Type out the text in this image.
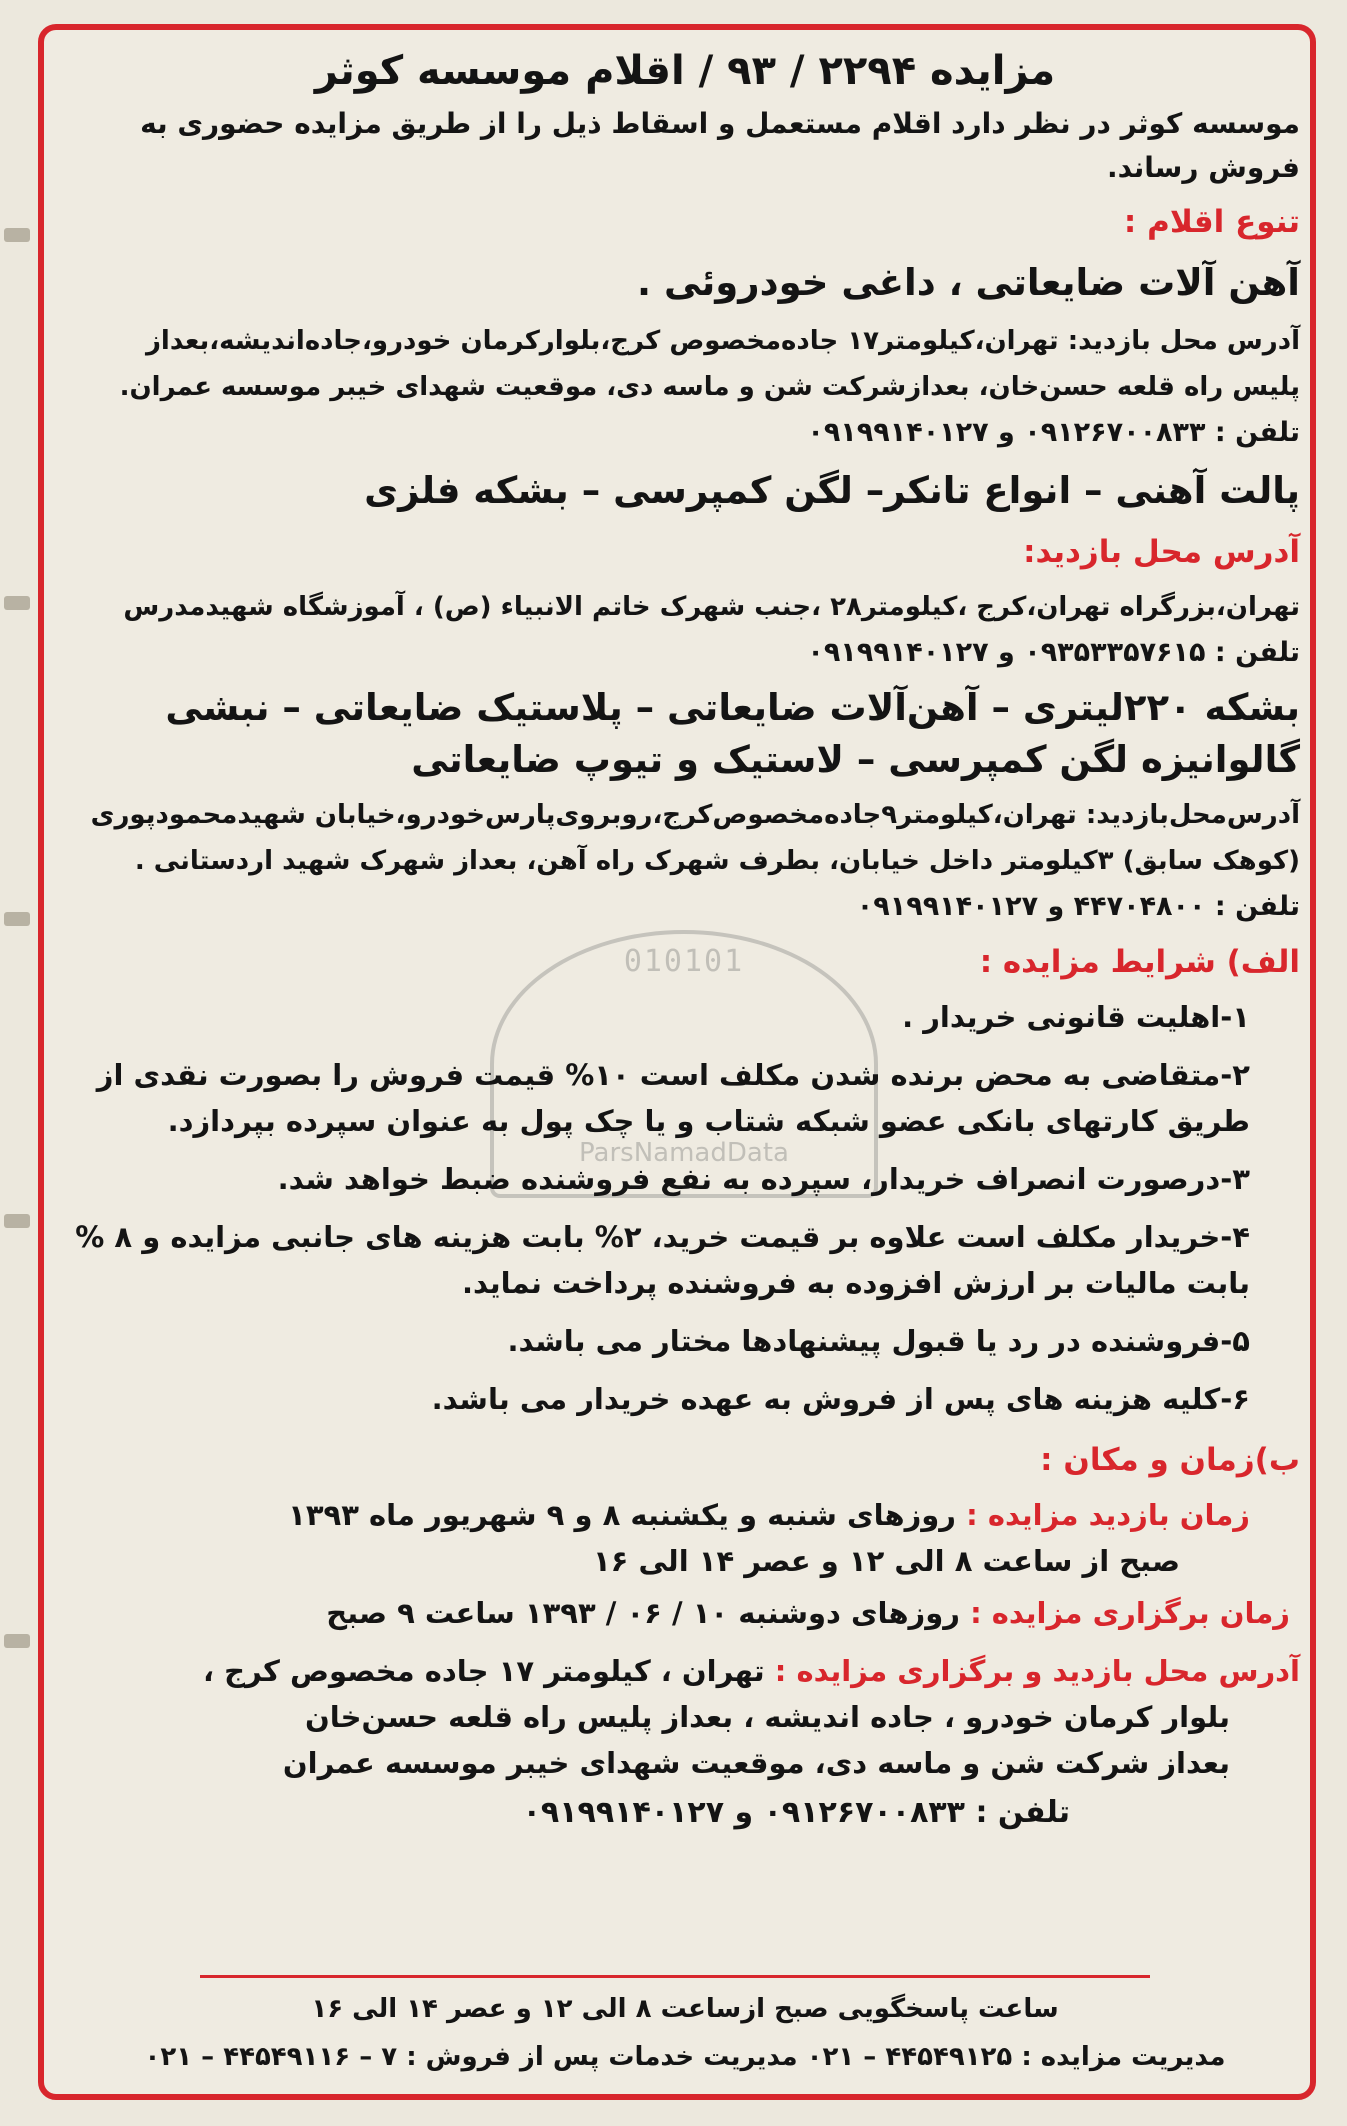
010101
ParsNamadData
مزایده ۲۲۹۴ / ۹۳ / اقلام موسسه کوثر

موسسه کوثر در نظر دارد اقلام مستعمل و اسقاط ذیل را از طریق مزایده حضوری به فروش رساند.

تنوع اقلام :
آهن آلات ضایعاتی ، داغی خودروئی .

آدرس محل بازدید: تهران،کیلومتر۱۷ جاده‌مخصوص کرج،بلوارکرمان خودرو،جاده‌اندیشه،بعداز پلیس راه قلعه حسن‌خان، بعدازشرکت شن و ماسه دی، موقعیت شهدای خیبر موسسه عمران.

تلفن : ۰۹۱۲۶۷۰۰۸۳۳ و ۰۹۱۹۹۱۴۰۱۲۷

پالت آهنی – انواع تانکر– لگن کمپرسی – بشکه فلزی
آدرس محل بازدید:

تهران،بزرگراه تهران،کرج ،کیلومتر۲۸ ،جنب شهرک خاتم الانبیاء (ص) ، آموزشگاه شهیدمدرس

تلفن : ۰۹۳۵۳۳۵۷۶۱۵ و ۰۹۱۹۹۱۴۰۱۲۷

بشکه ۲۲۰لیتری – آهن‌آلات ضایعاتی – پلاستیک ضایعاتی – نبشی گالوانیزه لگن کمپرسی – لاستیک و تیوپ ضایعاتی

آدرس‌محل‌بازدید: تهران،کیلومتر۹جاده‌مخصوص‌کرج،روبروی‌پارس‌خودرو،خیابان شهیدمحمودپوری (کوهک سابق) ۳کیلومتر داخل خیابان، بطرف شهرک راه آهن، بعداز شهرک شهید اردستانی .

تلفن : ۴۴۷۰۴۸۰۰ و ۰۹۱۹۹۱۴۰۱۲۷

الف) شرایط مزایده :

۱-اهلیت قانونی خریدار .

۲-متقاضی به محض برنده شدن مکلف است ۱۰% قیمت فروش را بصورت نقدی از طریق کارتهای بانکی عضو شبکه شتاب و یا چک پول به عنوان سپرده بپردازد.

۳-درصورت انصراف خریدار، سپرده به نفع فروشنده ضبط خواهد شد.

۴-خریدار مکلف است علاوه بر قیمت خرید، ۲% بابت هزینه های جانبی مزایده و ۸ % بابت مالیات بر ارزش افزوده به فروشنده پرداخت نماید.

۵-فروشنده در رد یا قبول پیشنهادها مختار می باشد.

۶-کلیه هزینه های پس از فروش به عهده خریدار می باشد.

ب)زمان و مکان :
زمان بازدید مزایده : روزهای شنبه و یکشنبه ۸ و ۹ شهریور ماه ۱۳۹۳
صبح از ساعت ۸ الی ۱۲ و عصر ۱۴ الی ۱۶
زمان برگزاری مزایده : روزهای دوشنبه ۱۰ / ۰۶ / ۱۳۹۳ ساعت ۹ صبح
آدرس محل بازدید و برگزاری مزایده : تهران ، کیلومتر ۱۷ جاده مخصوص کرج ،
بلوار کرمان خودرو ، جاده اندیشه ، بعداز پلیس راه قلعه حسن‌خان
بعداز شرکت شن و ماسه دی، موقعیت شهدای خیبر موسسه عمران
تلفن : ۰۹۱۲۶۷۰۰۸۳۳ و ۰۹۱۹۹۱۴۰۱۲۷
ساعت پاسخگویی صبح ازساعت ۸ الی ۱۲ و عصر ۱۴ الی ۱۶
مدیریت مزایده : ۴۴۵۴۹۱۲۵ – ۰۲۱ مدیریت خدمات پس از فروش : ۷ – ۴۴۵۴۹۱۱۶ – ۰۲۱
